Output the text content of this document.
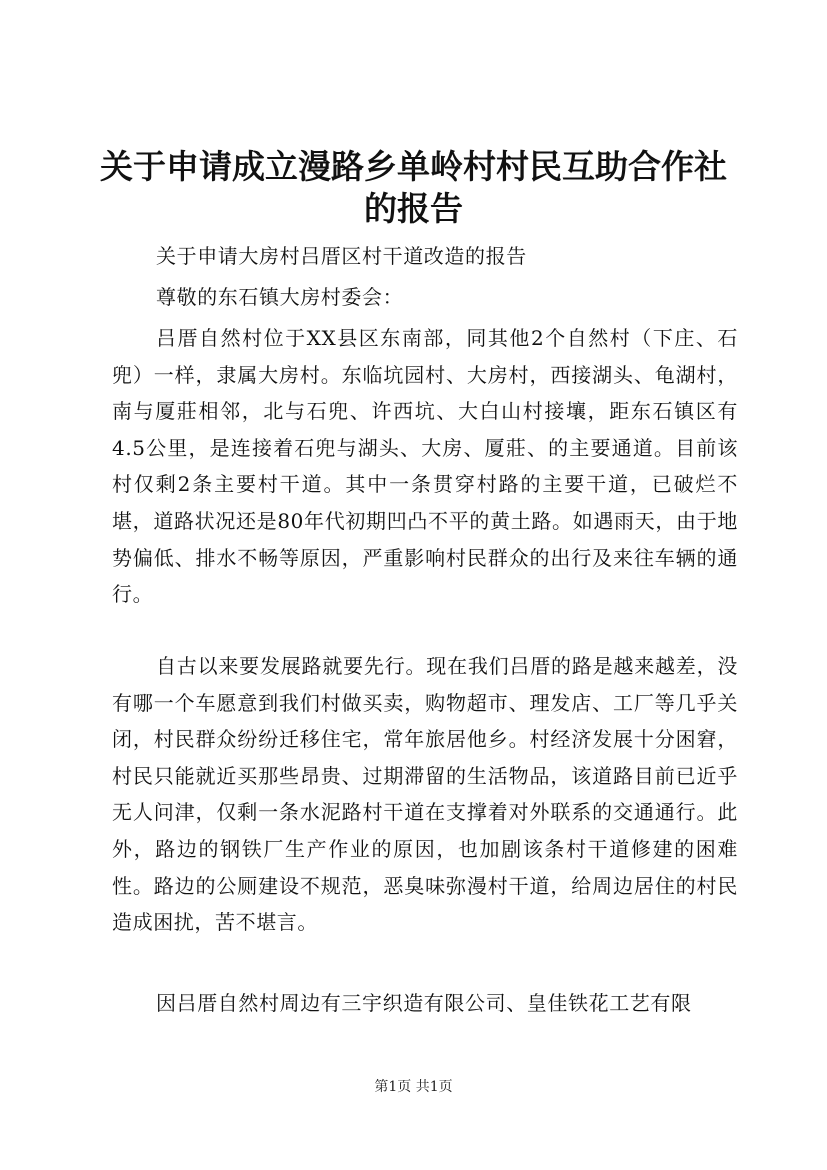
关于申请成立漫路乡单岭村村民互助合作社的报告
关于申请大房村吕厝区村干道改造的报告
尊敬的东石镇大房村委会：
吕厝自然村位于XX县区东南部，同其他2个自然村（下庄、石兜）一样，隶属大房村。东临坑园村、大房村，西接湖头、龟湖村，南与厦莊相邻，北与石兜、许西坑、大白山村接壤，距东石镇区有4.5公里，是连接着石兜与湖头、大房、厦莊、的主要通道。目前该村仅剩2条主要村干道。其中一条贯穿村路的主要干道，已破烂不堪，道路状况还是80年代初期凹凸不平的黄土路。如遇雨天，由于地势偏低、排水不畅等原因，严重影响村民群众的出行及来往车辆的通行。
自古以来要发展路就要先行。现在我们吕厝的路是越来越差，没有哪一个车愿意到我们村做买卖，购物超市、理发店、工厂等几乎关闭，村民群众纷纷迁移住宅，常年旅居他乡。村经济发展十分困窘，村民只能就近买那些昂贵、过期滞留的生活物品，该道路目前已近乎无人问津，仅剩一条水泥路村干道在支撑着对外联系的交通通行。此外，路边的钢铁厂生产作业的原因，也加剧该条村干道修建的困难性。路边的公厕建设不规范，恶臭味弥漫村干道，给周边居住的村民造成困扰，苦不堪言。
因吕厝自然村周边有三宇织造有限公司、皇佳铁花工艺有限
第1页 共1页
